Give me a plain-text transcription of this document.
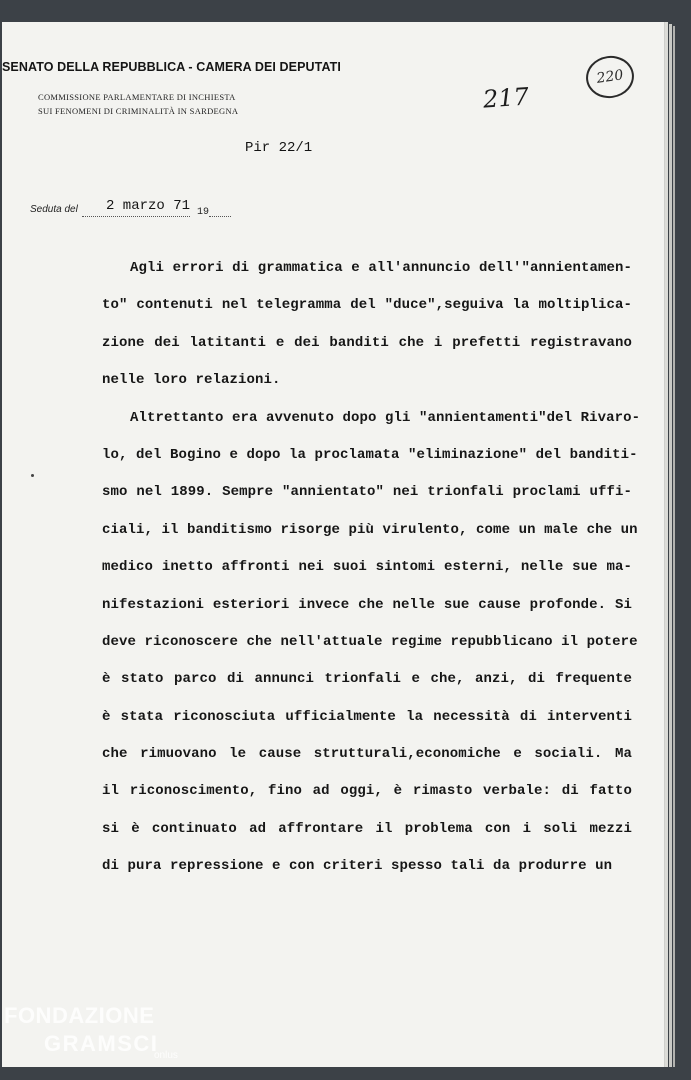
SENATO DELLA REPUBBLICA - CAMERA DEI DEPUTATI
COMMISSIONE PARLAMENTARE DI INCHIESTA
SUI FENOMENI DI CRIMINALITÀ IN SARDEGNA	217
220
Pir 22/1
Seduta del 2 marzo 71 19
Agli errori di grammatica e all'annuncio dell'"annientamen-
to" contenuti nel telegramma del "duce",seguiva la moltiplica-
zione dei latitanti e dei banditi che i prefetti registravano
nelle loro relazioni.
Altrettanto era avvenuto dopo gli "annientamenti"del Rivaro-
lo, del Bogino e dopo la proclamata "eliminazione" del banditi-
smo nel 1899. Sempre "annientato" nei trionfali proclami uffi-
ciali, il banditismo risorge più virulento, come un male che un
medico inetto affronti nei suoi sintomi esterni, nelle sue ma-
nifestazioni esteriori invece che nelle sue cause profonde. Si
deve riconoscere che nell'attuale regime repubblicano il potere
è stato parco di annunci trionfali e che, anzi, di frequente
è stata riconosciuta ufficialmente la necessità di interventi
che rimuovano le cause strutturali,economiche e sociali. Ma
il riconoscimento, fino ad oggi, è rimasto verbale: di fatto
si è continuato ad affrontare il problema con i soli mezzi
di pura repressione e con criteri spesso tali da produrre un
FONDAZIONE
GRAMSCI
onlus
